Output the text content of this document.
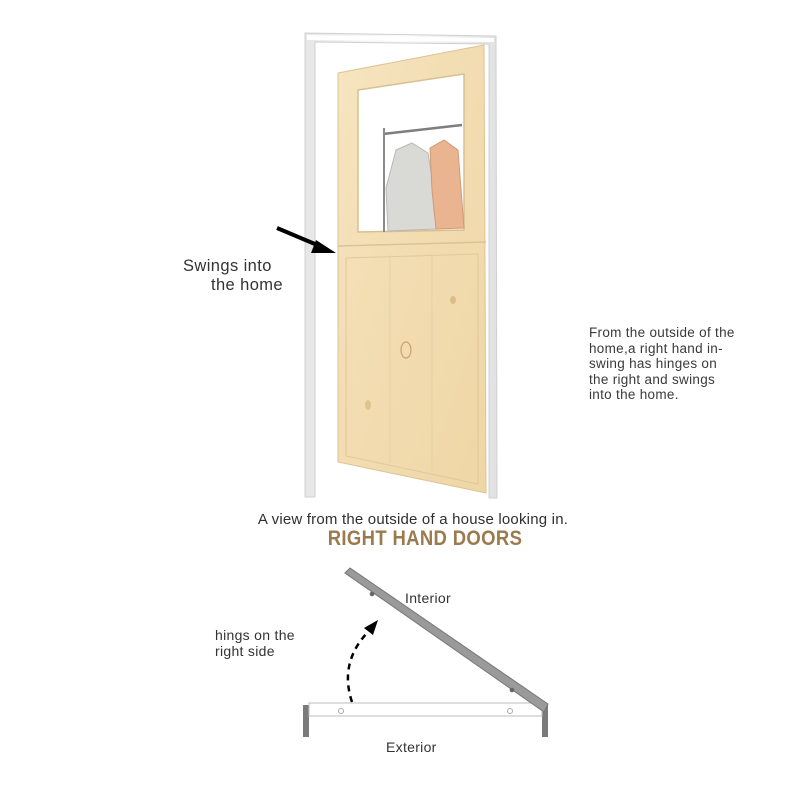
Swings into
the home
From the outside of the home,a right hand in-swing has hinges on the right and swings into the home.
A view from the outside of a house looking in.
RIGHT HAND DOORS
hings on the right side
Interior
Exterior
